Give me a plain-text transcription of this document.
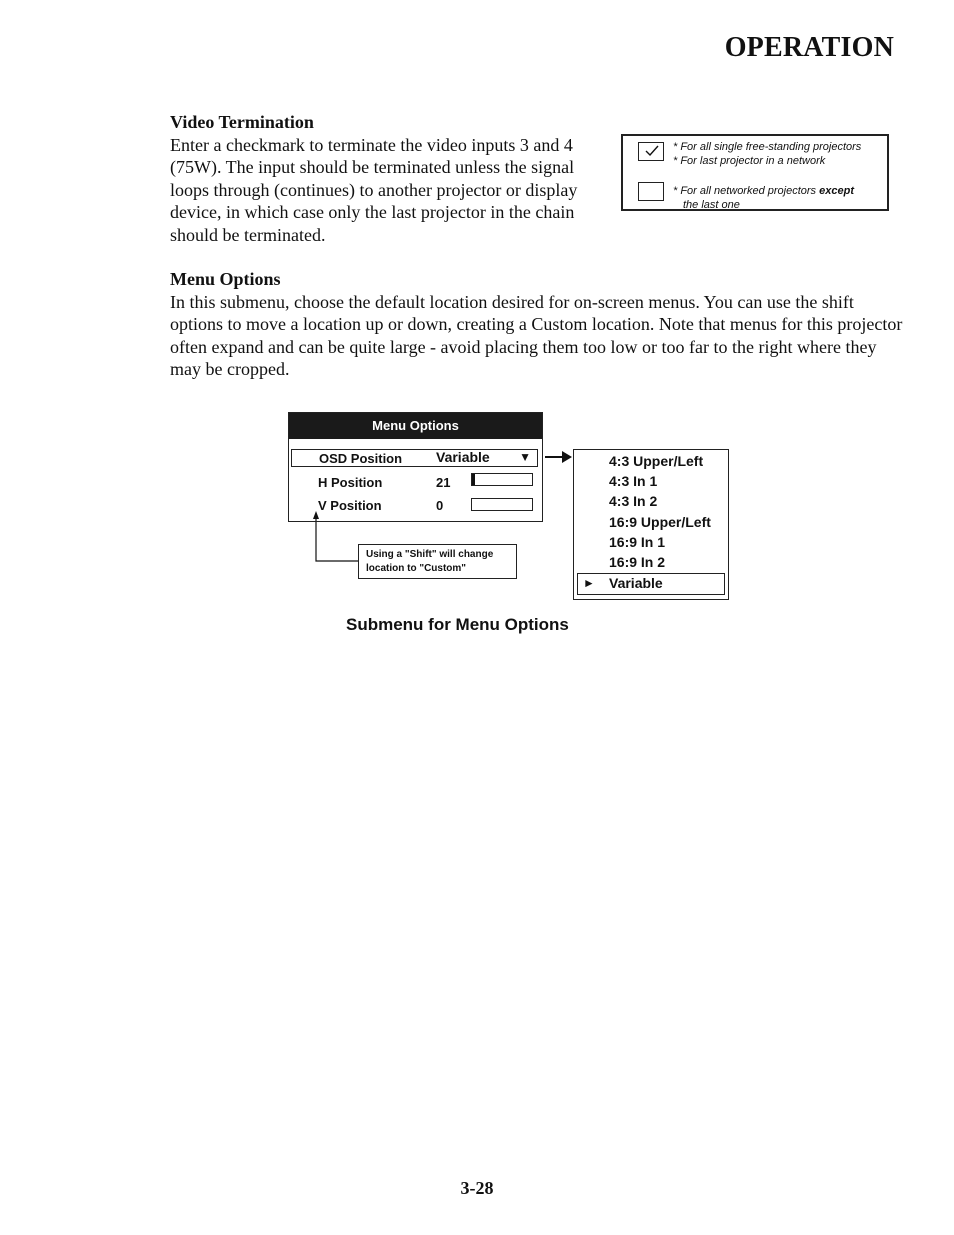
OPERATION
Video Termination

Enter a checkmark to terminate the video inputs 3 and 4 (75W). The input should be terminated unless the signal loops through (continues) to another projector or display device, in which case only the last projector in the chain should be terminated.

* For all single free-standing projectors
* For last projector in a network
* For all networked projectors except
the last one
Menu Options

In this submenu, choose the default location desired for on-screen menus. You can use the shift options to move a location up or down, creating a Custom location. Note that menus for this projector often expand and can be quite large - avoid placing them too low or too far to the right where they may be cropped.

Menu Options
OSD Position Variable ▼
H Position	21
V Position	0
Using a "Shift" will change
location to "Custom"
4:3 Upper/Left
4:3 In 1
4:3 In 2
16:9 Upper/Left
16:9 In 1
16:9 In 2
► Variable
Submenu for Menu Options
3-28
